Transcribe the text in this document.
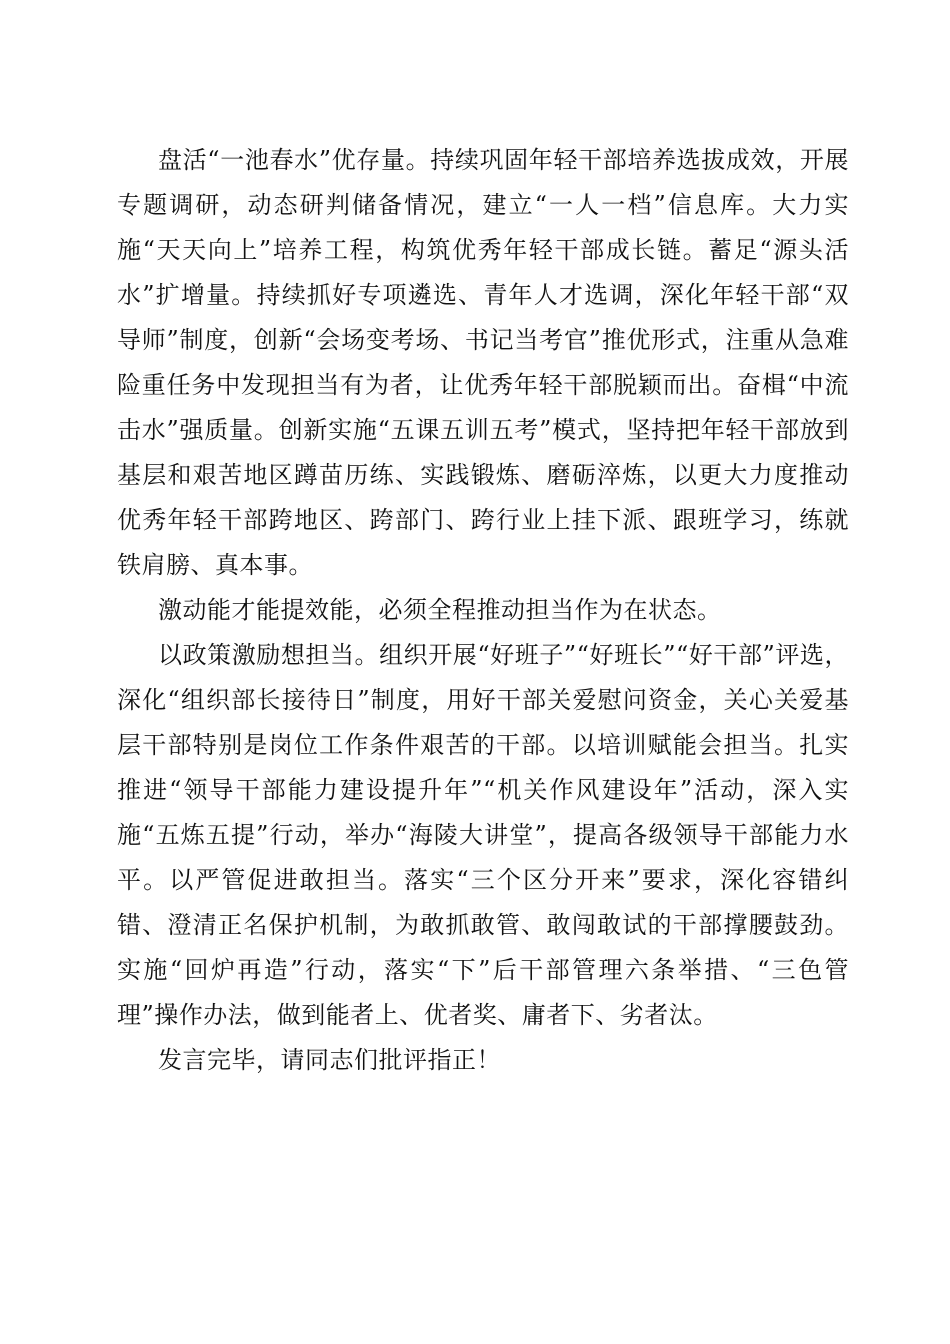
盘活“一池春水”优存量。持续巩固年轻干部培养选拔成效，开展专题调研，动态研判储备情况，建立“一人一档”信息库。大力实施“天天向上”培养工程，构筑优秀年轻干部成长链。蓄足“源头活水”扩增量。持续抓好专项遴选、青年人才选调，深化年轻干部“双导师”制度，创新“会场变考场、书记当考官”推优形式，注重从急难险重任务中发现担当有为者，让优秀年轻干部脱颖而出。奋楫“中流击水”强质量。创新实施“五课五训五考”模式，坚持把年轻干部放到基层和艰苦地区蹲苗历练、实践锻炼、磨砺淬炼，以更大力度推动优秀年轻干部跨地区、跨部门、跨行业上挂下派、跟班学习，练就铁肩膀、真本事。

激动能才能提效能，必须全程推动担当作为在状态。

以政策激励想担当。组织开展“好班子”“好班长”“好干部”评选，深化“组织部长接待日”制度，用好干部关爱慰问资金，关心关爱基层干部特别是岗位工作条件艰苦的干部。以培训赋能会担当。扎实推进“领导干部能力建设提升年”“机关作风建设年”活动，深入实施“五炼五提”行动，举办“海陵大讲堂”，提高各级领导干部能力水平。以严管促进敢担当。落实“三个区分开来”要求，深化容错纠错、澄清正名保护机制，为敢抓敢管、敢闯敢试的干部撑腰鼓劲。实施“回炉再造”行动，落实“下”后干部管理六条举措、“三色管理”操作办法，做到能者上、优者奖、庸者下、劣者汰。

发言完毕，请同志们批评指正！
